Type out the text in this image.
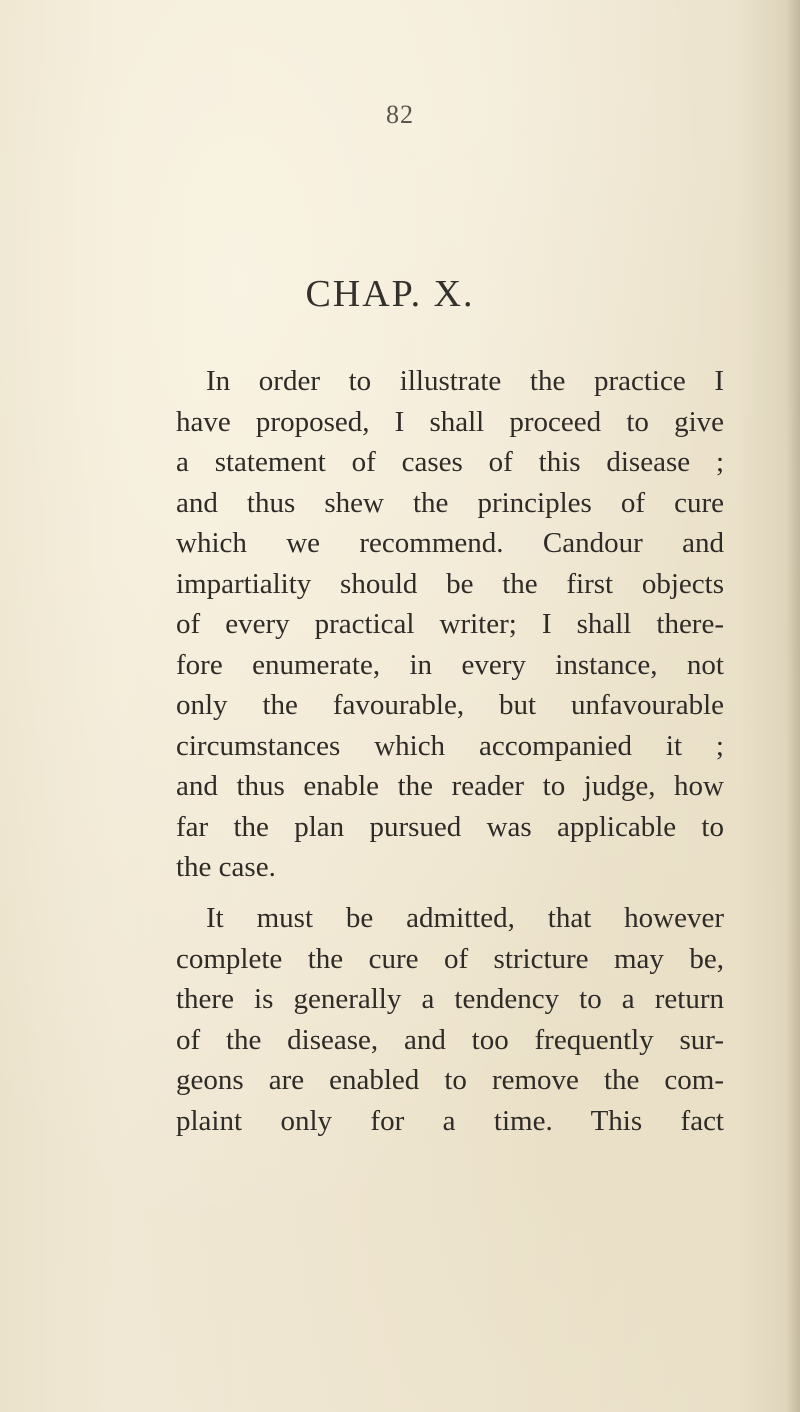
82
CHAP. X.
In order to illustrate the practice I
have proposed, I shall proceed to give
a statement of cases of this disease ;
and thus shew the principles of cure
which we recommend. Candour and
impartiality should be the first objects
of every practical writer; I shall there-
fore enumerate, in every instance, not
only the favourable, but unfavourable
circumstances which accompanied it ;
and thus enable the reader to judge, how
far the plan pursued was applicable to
the case.
It must be admitted, that however
complete the cure of stricture may be,
there is generally a tendency to a return
of the disease, and too frequently sur-
geons are enabled to remove the com-
plaint only for a time. This fact
